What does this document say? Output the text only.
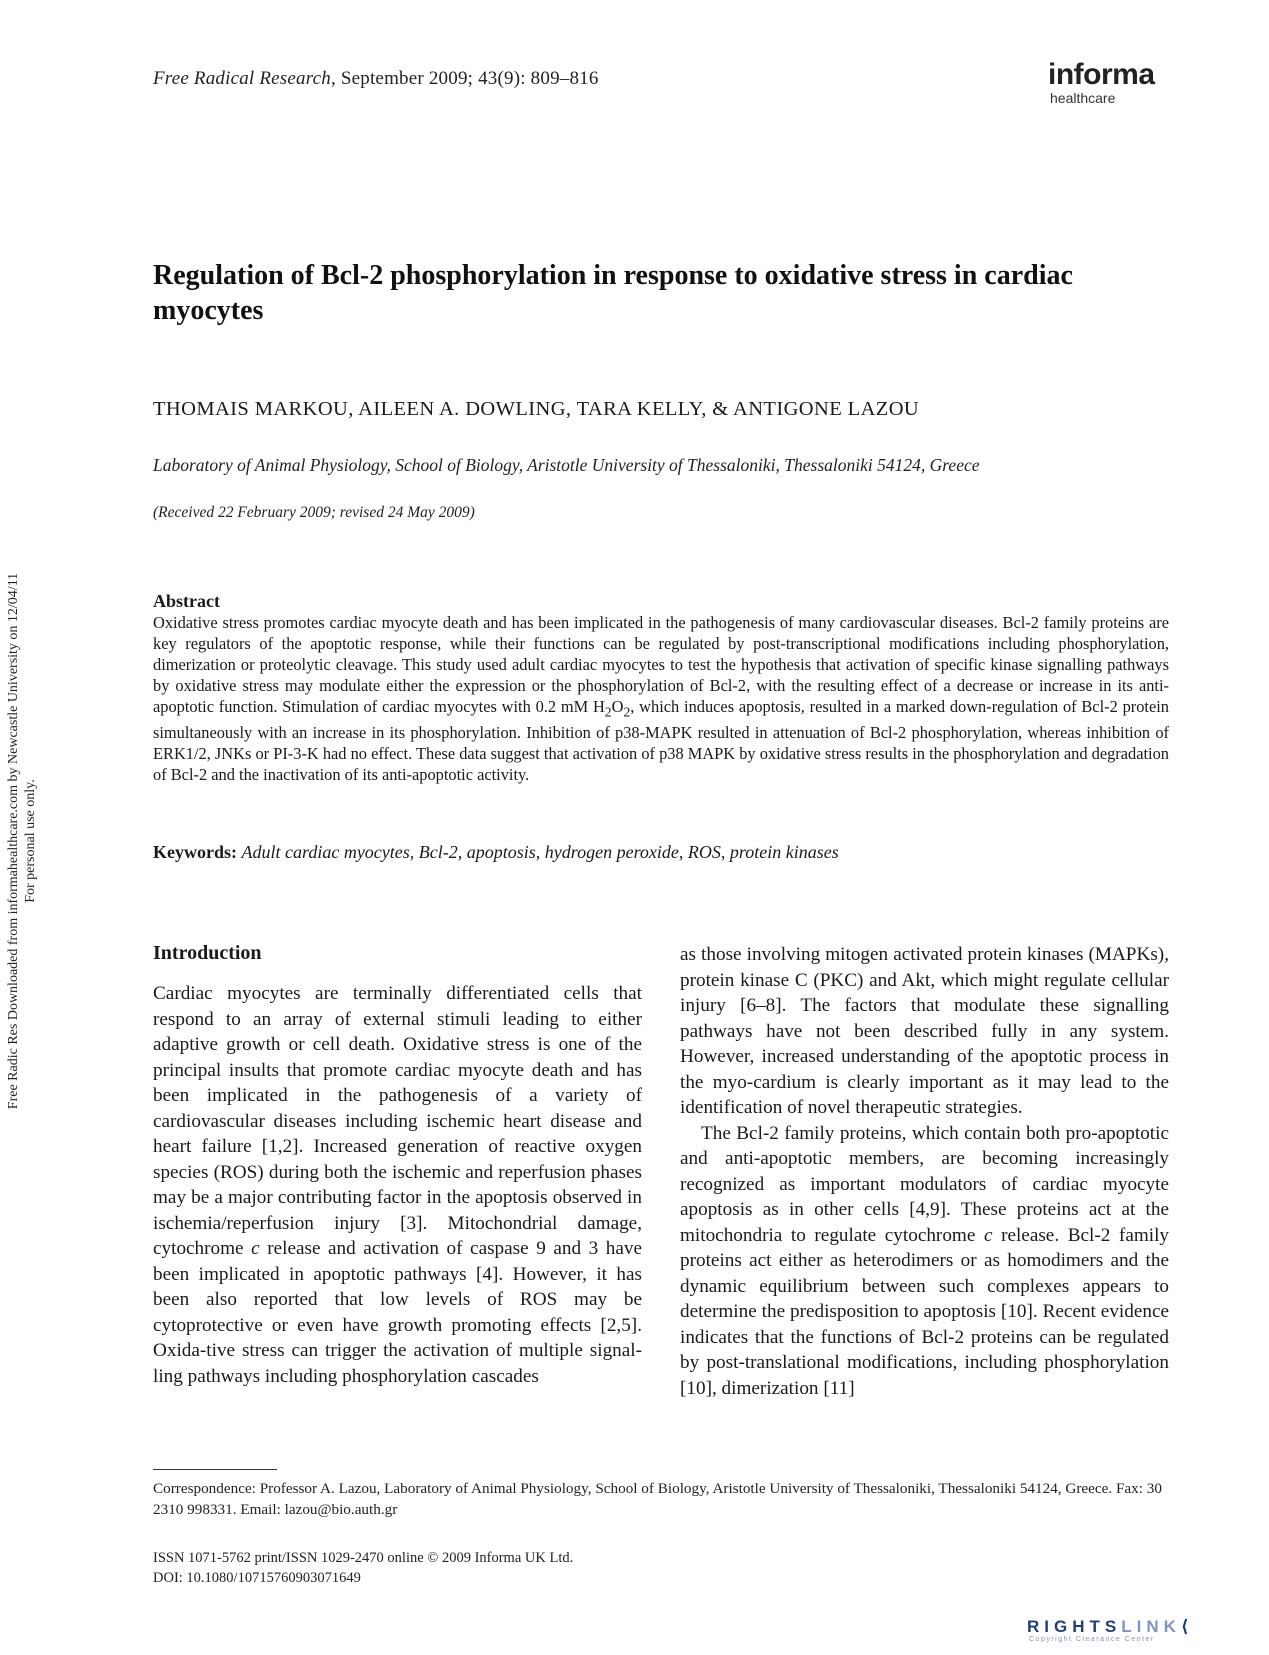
Free Radical Research, September 2009; 43(9): 809–816	informa
healthcare
Free Radic Res Downloaded from informahealthcare.com by Newcastle University on 12/04/11 For personal use only.
Regulation of Bcl-2 phosphorylation in response to oxidative stress in cardiac myocytes
THOMAIS MARKOU, AILEEN A. DOWLING, TARA KELLY, & ANTIGONE LAZOU
Laboratory of Animal Physiology, School of Biology, Aristotle University of Thessaloniki, Thessaloniki 54124, Greece
(Received 22 February 2009; revised 24 May 2009)
Abstract
Oxidative stress promotes cardiac myocyte death and has been implicated in the pathogenesis of many cardiovascular diseases. Bcl-2 family proteins are key regulators of the apoptotic response, while their functions can be regulated by post-transcriptional modifications including phosphorylation, dimerization or proteolytic cleavage. This study used adult cardiac myocytes to test the hypothesis that activation of specific kinase signalling pathways by oxidative stress may modulate either the expression or the phosphorylation of Bcl-2, with the resulting effect of a decrease or increase in its anti-apoptotic function. Stimulation of cardiac myocytes with 0.2 mM $H_2O_2$, which induces apoptosis, resulted in a marked down-regulation of Bcl-2 protein simultaneously with an increase in its phosphorylation. Inhibition of p38-MAPK resulted in attenuation of Bcl-2 phosphorylation, whereas inhibition of ERK1/2, JNKs or PI-3-K had no effect. These data suggest that activation of p38 MAPK by oxidative stress results in the phosphorylation and degradation of Bcl-2 and the inactivation of its anti-apoptotic activity.
Keywords: Adult cardiac myocytes, Bcl-2, apoptosis, hydrogen peroxide, ROS, protein kinases
Introduction

Cardiac myocytes are terminally differentiated cells that respond to an array of external stimuli leading to either adaptive growth or cell death. Oxidative stress is one of the principal insults that promote cardiac myocyte death and has been implicated in the pathogenesis of a variety of cardiovascular diseases including ischemic heart disease and heart failure [1,2]. Increased generation of reactive oxygen species (ROS) during both the ischemic and reperfusion phases may be a major contributing factor in the apoptosis observed in ischemia/reperfusion injury [3]. Mitochondrial damage, cytochrome c release and activation of caspase 9 and 3 have been implicated in apoptotic pathways [4]. However, it has been also reported that low levels of ROS may be cytoprotective or even have growth promoting effects [2,5]. Oxida-tive stress can trigger the activation of multiple signal-ling pathways including phosphorylation cascades

as those involving mitogen activated protein kinases (MAPKs), protein kinase C (PKC) and Akt, which might regulate cellular injury [6–8]. The factors that modulate these signalling pathways have not been described fully in any system. However, increased understanding of the apoptotic process in the myo-cardium is clearly important as it may lead to the identification of novel therapeutic strategies.

The Bcl-2 family proteins, which contain both pro-apoptotic and anti-apoptotic members, are becoming increasingly recognized as important modulators of cardiac myocyte apoptosis as in other cells [4,9]. These proteins act at the mitochondria to regulate cytochrome c release. Bcl-2 family proteins act either as heterodimers or as homodimers and the dynamic equilibrium between such complexes appears to determine the predisposition to apoptosis [10]. Recent evidence indicates that the functions of Bcl-2 proteins can be regulated by post-translational modifications, including phosphorylation [10], dimerization [11]

Correspondence: Professor A. Lazou, Laboratory of Animal Physiology, School of Biology, Aristotle University of Thessaloniki, Thessaloniki 54124, Greece. Fax: 30 2310 998331. Email: lazou@bio.auth.gr
ISSN 1071-5762 print/ISSN 1029-2470 online © 2009 Informa UK Ltd.
DOI: 10.1080/10715760903071649
RIGHTSLINK⟨
Copyright Clearance Center
